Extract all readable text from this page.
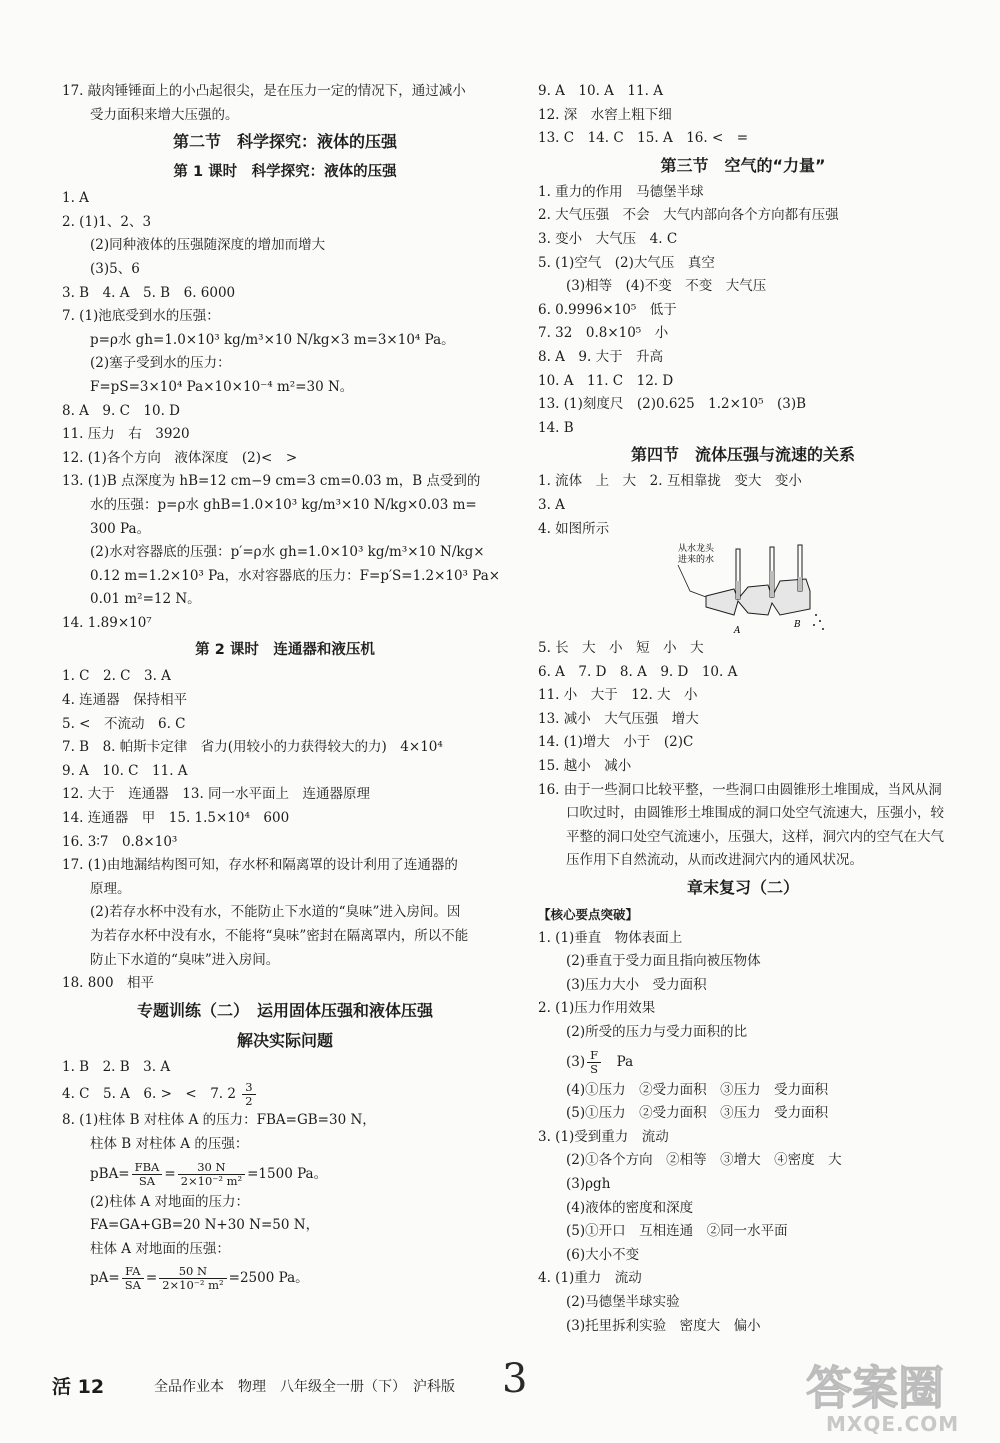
17. 敲肉锤锤面上的小凸起很尖，是在压力一定的情况下，通过减小
受力面积来增大压强的。
第二节　科学探究：液体的压强
第 1 课时　科学探究：液体的压强
1. A
2. (1)1、2、3
(2)同种液体的压强随深度的增加而增大
(3)5、6
3. B　4. A　5. B　6. 6000
7. (1)池底受到水的压强：
p=ρ水 gh=1.0×10³ kg/m³×10 N/kg×3 m=3×10⁴ Pa。
(2)塞子受到水的压力：
F=pS=3×10⁴ Pa×10×10⁻⁴ m²=30 N。
8. A　9. C　10. D
11. 压力　右　3920
12. (1)各个方向　液体深度　(2)<　>
13. (1)B 点深度为 hB=12 cm−9 cm=3 cm=0.03 m，B 点受到的
水的压强：p=ρ水 ghB=1.0×10³ kg/m³×10 N/kg×0.03 m=
300 Pa。
(2)水对容器底的压强：p′=ρ水 gh=1.0×10³ kg/m³×10 N/kg×
0.12 m=1.2×10³ Pa，水对容器底的压力：F=p′S=1.2×10³ Pa×
0.01 m²=12 N。
14. 1.89×10⁷
第 2 课时　连通器和液压机
1. C　2. C　3. A
4. 连通器　保持相平
5. <　不流动　6. C
7. B　8. 帕斯卡定律　省力(用较小的力获得较大的力)　4×10⁴
9. A　10. C　11. A
12. 大于　连通器　13. 同一水平面上　连通器原理
14. 连通器　甲　15. 1.5×10⁴　600
16. 3∶7　0.8×10³
17. (1)由地漏结构图可知，存水杯和隔离罩的设计利用了连通器的
原理。
(2)若存水杯中没有水，不能防止下水道的“臭味”进入房间。因
为若存水杯中没有水，不能将“臭味”密封在隔离罩内，所以不能
防止下水道的“臭味”进入房间。
18. 800　相平
专题训练（二）　运用固体压强和液体压强
解决实际问题
1. B　2. B　3. A
4. C　5. A　6. >　<　7. $2 \frac{3}{2}$
8. (1)柱体 B 对柱体 A 的压力：FBA=GB=30 N，
柱体 B 对柱体 A 的压强：
$pBA= \frac{\text{FBA}}{SA} = \frac{30 N}{\text{2×10⁻² m²}} =1500$ Pa。
(2)柱体 A 对地面的压力：
FA=GA+GB=20 N+30 N=50 N，
柱体 A 对地面的压强：
$pA= \frac{FA}{SA} = \frac{50 N}{\text{2×10⁻² m²}} =2500$ Pa。
9. A　10. A　11. A
12. 深　水窖上粗下细
13. C　14. C　15. A　16. <　=
第三节　空气的“力量”
1. 重力的作用　马德堡半球
2. 大气压强　不会　大气内部向各个方向都有压强
3. 变小　大气压　4. C
5. (1)空气　(2)大气压　真空
(3)相等　(4)不变　不变　大气压
6. 0.9996×10⁵　低于
7. 32　0.8×10⁵　小
8. A　9. 大于　升高
10. A　11. C　12. D
13. (1)刻度尺　(2)0.625　1.2×10⁵　(3)B
14. B
第四节　流体压强与流速的关系
1. 流体　上　大　2. 互相靠拢　变大　变小
3. A
4. 如图所示
从水龙头
进来的水
A
B
5. 长　大　小　短　小　大
6. A　7. D　8. A　9. D　10. A
11. 小　大于　12. 大　小
13. 减小　大气压强　增大
14. (1)增大　小于　(2)C
15. 越小　减小
16. 由于一些洞口比较平整，一些洞口由圆锥形土堆围成，当风从洞
口吹过时，由圆锥形土堆围成的洞口处空气流速大，压强小，较
平整的洞口处空气流速小，压强大，这样，洞穴内的空气在大气
压作用下自然流动，从而改进洞穴内的通风状况。
章末复习（二）
【核心要点突破】
1. (1)垂直　物体表面上
(2)垂直于受力面且指向被压物体
(3)压力大小　受力面积
2. (1)压力作用效果
(2)所受的压力与受力面积的比
$(3) \frac{F}{S}$ 　Pa
(4)①压力　②受力面积　③压力　受力面积
(5)①压力　②受力面积　③压力　受力面积
3. (1)受到重力　流动
(2)①各个方向　②相等　③增大　④密度　大
(3)ρgh
(4)液体的密度和深度
(5)①开口　互相连通　②同一水平面
(6)大小不变
4. (1)重力　流动
(2)马德堡半球实验
(3)托里拆利实验　密度大　偏小
活 12	全品作业本　物理　八年级全一册（下）　沪科版 3	答案圈
MXQE.COM
